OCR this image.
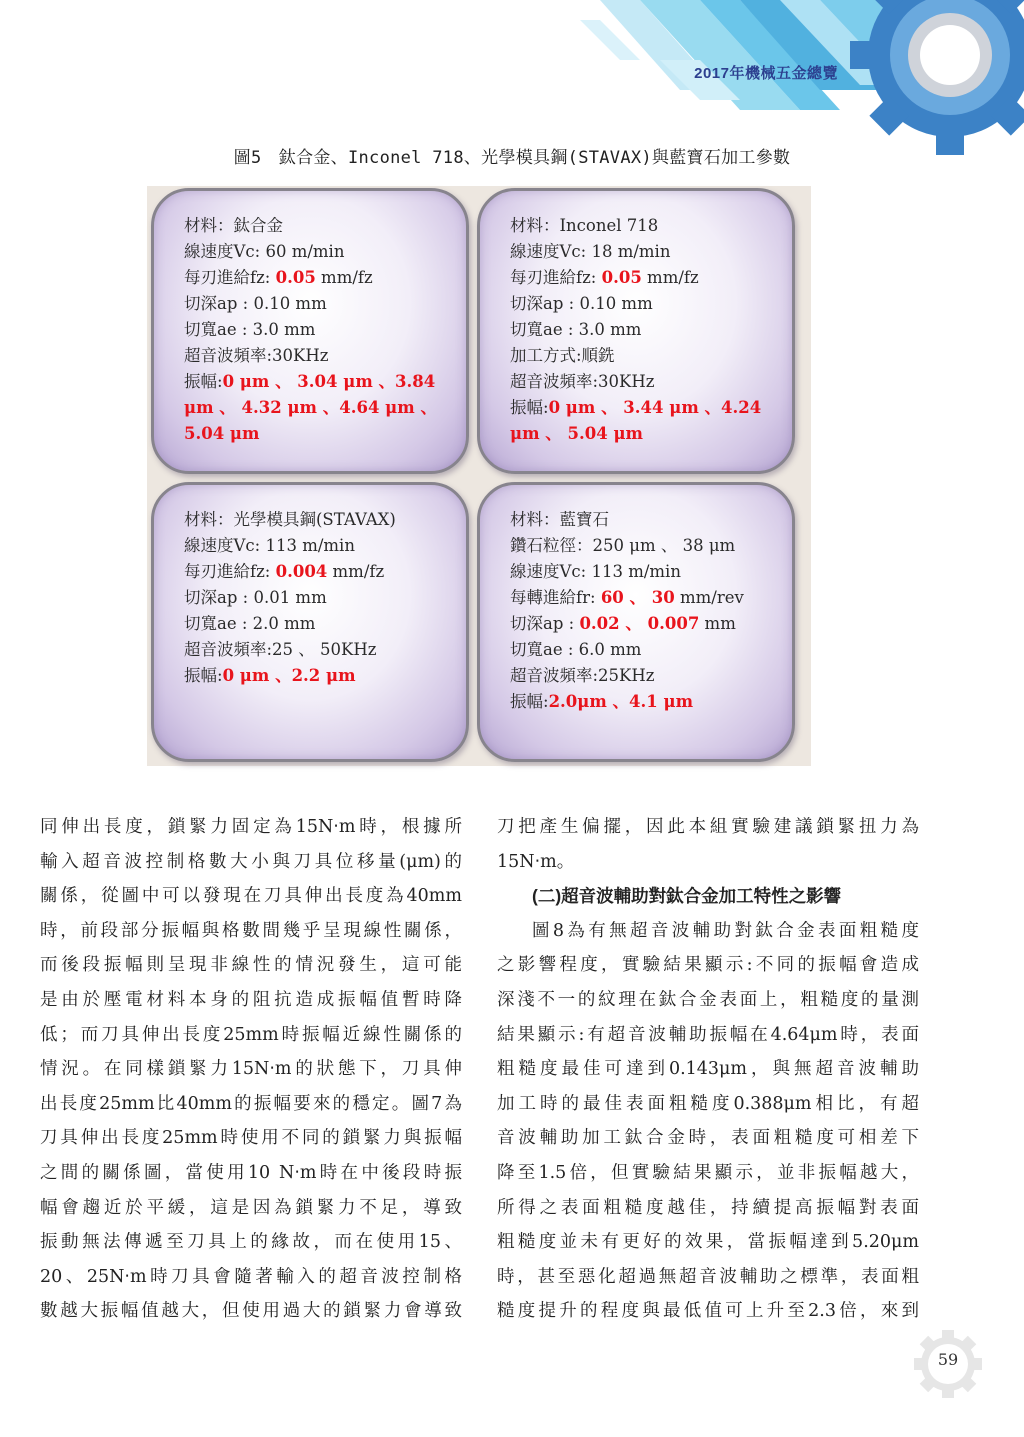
2017年機械五金總覽
圖5　鈦合金、Inconel 718、光學模具鋼(STAVAX)與藍寶石加工參數
材料：鈦合金
線速度Vc: 60 m/min
每刃進給fz: 0.05 mm/fz
切深ap : 0.10 mm
切寬ae : 3.0 mm
超音波頻率:30KHz
振幅:0 μm 、 3.04 μm 、3.84 μm 、 4.32 μm 、4.64 μm 、5.04 μm
材料：Inconel 718
線速度Vc: 18 m/min
每刃進給fz: 0.05 mm/fz
切深ap : 0.10 mm
切寬ae : 3.0 mm
加工方式:順銑
超音波頻率:30KHz
振幅:0 μm 、 3.44 μm 、4.24 μm 、 5.04 μm
材料：光學模具鋼(STAVAX)
線速度Vc: 113 m/min
每刃進給fz: 0.004 mm/fz
切深ap : 0.01 mm
切寬ae : 2.0 mm
超音波頻率:25 、 50KHz
振幅:0 μm 、2.2 μm
材料：藍寶石
鑽石粒徑：250 μm 、 38 μm
線速度Vc: 113 m/min
每轉進給fr: 60 、 30 mm/rev
切深ap : 0.02 、 0.007 mm
切寬ae : 6.0 mm
超音波頻率:25KHz
振幅:2.0μm 、4.1 μm
同伸出長度，鎖緊力固定為15N‧m時，根據所
輸入超音波控制格數大小與刀具位移量(μm)的
關係，從圖中可以發現在刀具伸出長度為40mm
時，前段部分振幅與格數間幾乎呈現線性關係，
而後段振幅則呈現非線性的情況發生，這可能
是由於壓電材料本身的阻抗造成振幅值暫時降
低；而刀具伸出長度25mm時振幅近線性關係的
情況。在同樣鎖緊力15N‧m的狀態下，刀具伸
出長度25mm比40mm的振幅要來的穩定。圖7為
刀具伸出長度25mm時使用不同的鎖緊力與振幅
之間的關係圖，當使用10 N‧m時在中後段時振
幅會趨近於平緩，這是因為鎖緊力不足，導致
振動無法傳遞至刀具上的緣故，而在使用15、
20、25N‧m時刀具會隨著輸入的超音波控制格
數越大振幅值越大，但使用過大的鎖緊力會導致
刀把產生偏擺，因此本組實驗建議鎖緊扭力為
15N‧m。
(二)超音波輔助對鈦合金加工特性之影響
圖8為有無超音波輔助對鈦合金表面粗糙度
之影響程度，實驗結果顯示:不同的振幅會造成
深淺不一的紋理在鈦合金表面上，粗糙度的量測
結果顯示:有超音波輔助振幅在4.64μm時，表面
粗糙度最佳可達到0.143μm，與無超音波輔助
加工時的最佳表面粗糙度0.388μm相比，有超
音波輔助加工鈦合金時，表面粗糙度可相差下
降至1.5倍，但實驗結果顯示，並非振幅越大，
所得之表面粗糙度越佳，持續提高振幅對表面
粗糙度並未有更好的效果，當振幅達到5.20μm
時，甚至惡化超過無超音波輔助之標準，表面粗
糙度提升的程度與最低值可上升至2.3倍，來到
59
